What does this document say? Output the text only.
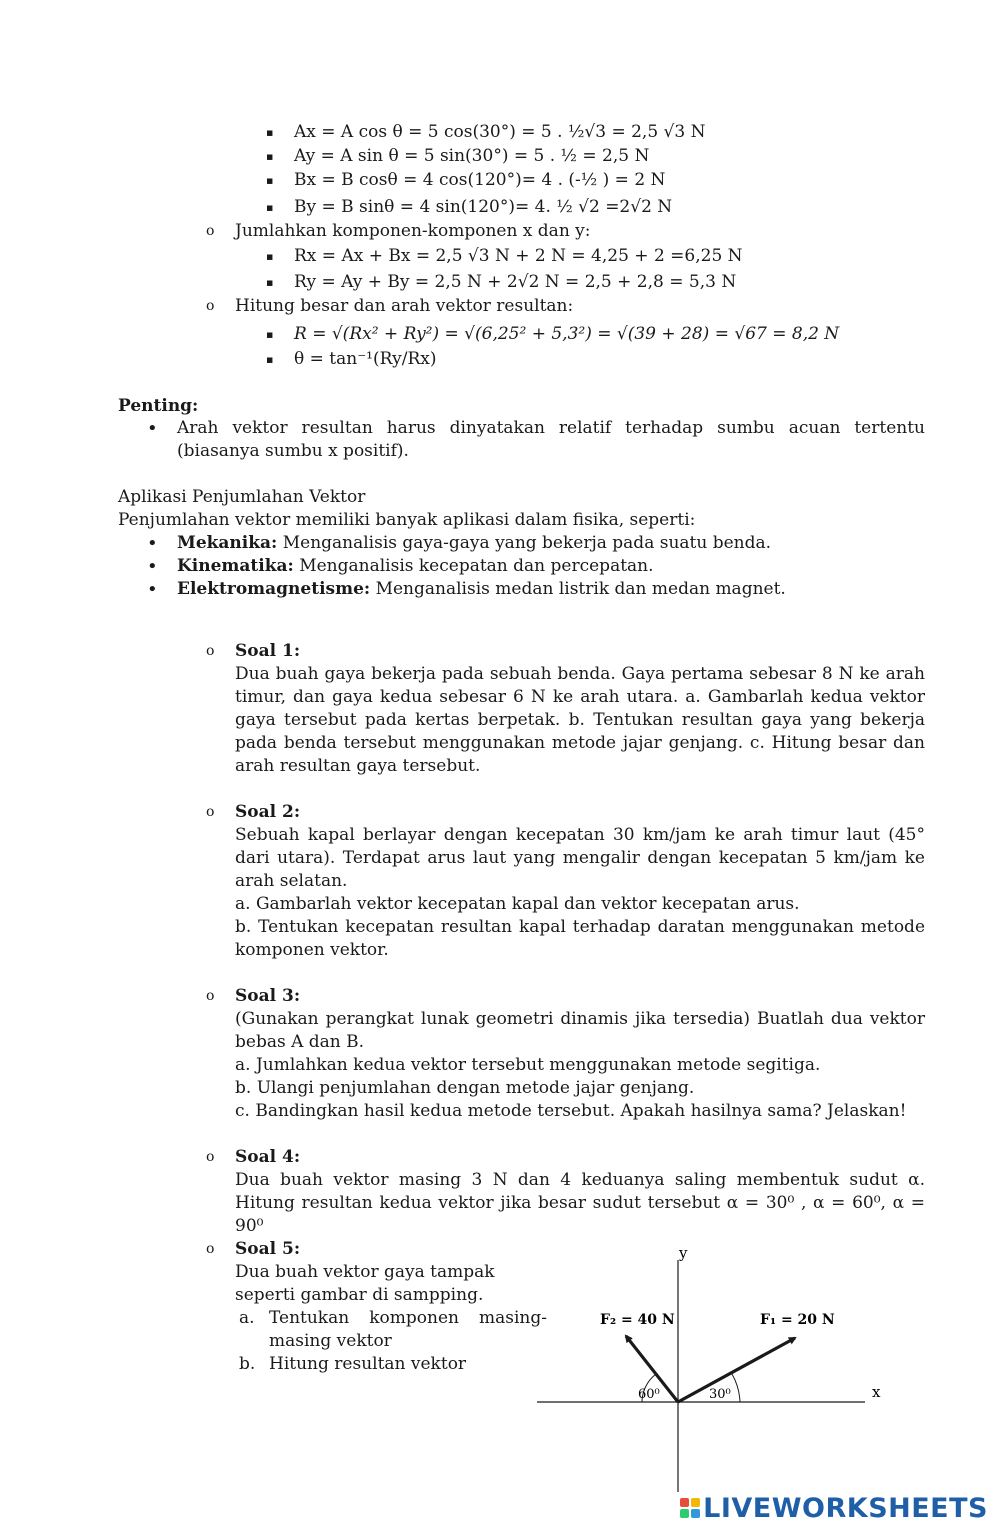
▪ Ax = A cos θ = 5 cos(30°) = 5 . ½√3 = 2,5 √3 N
▪ Ay = A sin θ = 5 sin(30°) = 5 . ½ = 2,5 N
▪ Bx = B cosθ = 4 cos(120°)= 4 . (-½ ) = 2 N
▪ By = B sinθ = 4 sin(120°)= 4. ½ √2 =2√2 N
o Jumlahkan komponen-komponen x dan y:
▪ Rx = Ax + Bx = 2,5 √3 N + 2 N = 4,25 + 2 =6,25 N
▪ Ry = Ay + By = 2,5 N + 2√2 N = 2,5 + 2,8 = 5,3 N
o Hitung besar dan arah vektor resultan:
▪ R = √(Rx² + Ry²) = √(6,25² + 5,3²) = √(39 + 28) = √67 = 8,2 N
▪ θ = tan⁻¹(Ry/Rx)
Penting:
• Arah vektor resultan harus dinyatakan relatif terhadap sumbu acuan tertentu (biasanya sumbu x positif).
Aplikasi Penjumlahan Vektor
Penjumlahan vektor memiliki banyak aplikasi dalam fisika, seperti:
• Mekanika: Menganalisis gaya-gaya yang bekerja pada suatu benda.
• Kinematika: Menganalisis kecepatan dan percepatan.
• Elektromagnetisme: Menganalisis medan listrik dan medan magnet.
o Soal 1:
Dua buah gaya bekerja pada sebuah benda. Gaya pertama sebesar 8 N ke arah timur, dan gaya kedua sebesar 6 N ke arah utara. a. Gambarlah kedua vektor gaya tersebut pada kertas berpetak. b. Tentukan resultan gaya yang bekerja pada benda tersebut menggunakan metode jajar genjang. c. Hitung besar dan arah resultan gaya tersebut.
o Soal 2:
Sebuah kapal berlayar dengan kecepatan 30 km/jam ke arah timur laut (45° dari utara). Terdapat arus laut yang mengalir dengan kecepatan 5 km/jam ke arah selatan.
a. Gambarlah vektor kecepatan kapal dan vektor kecepatan arus.
b. Tentukan kecepatan resultan kapal terhadap daratan menggunakan metode komponen vektor.
o Soal 3:
(Gunakan perangkat lunak geometri dinamis jika tersedia) Buatlah dua vektor bebas A dan B.
a. Jumlahkan kedua vektor tersebut menggunakan metode segitiga.
b. Ulangi penjumlahan dengan metode jajar genjang.
c. Bandingkan hasil kedua metode tersebut. Apakah hasilnya sama? Jelaskan!
o Soal 4:
Dua buah vektor masing 3 N dan 4 keduanya saling membentuk sudut α. Hitung resultan kedua vektor jika besar sudut tersebut α = 30⁰ , α = 60⁰, α = 90⁰
o Soal 5:
Dua buah vektor gaya tampak seperti gambar di sampping.
a. Tentukan komponen masing-masing vektor
b. Hitung resultan vektor
x
y
60⁰	30⁰
F₂ = 40 N	F₁ = 20 N
LIVEWORKSHEETS
